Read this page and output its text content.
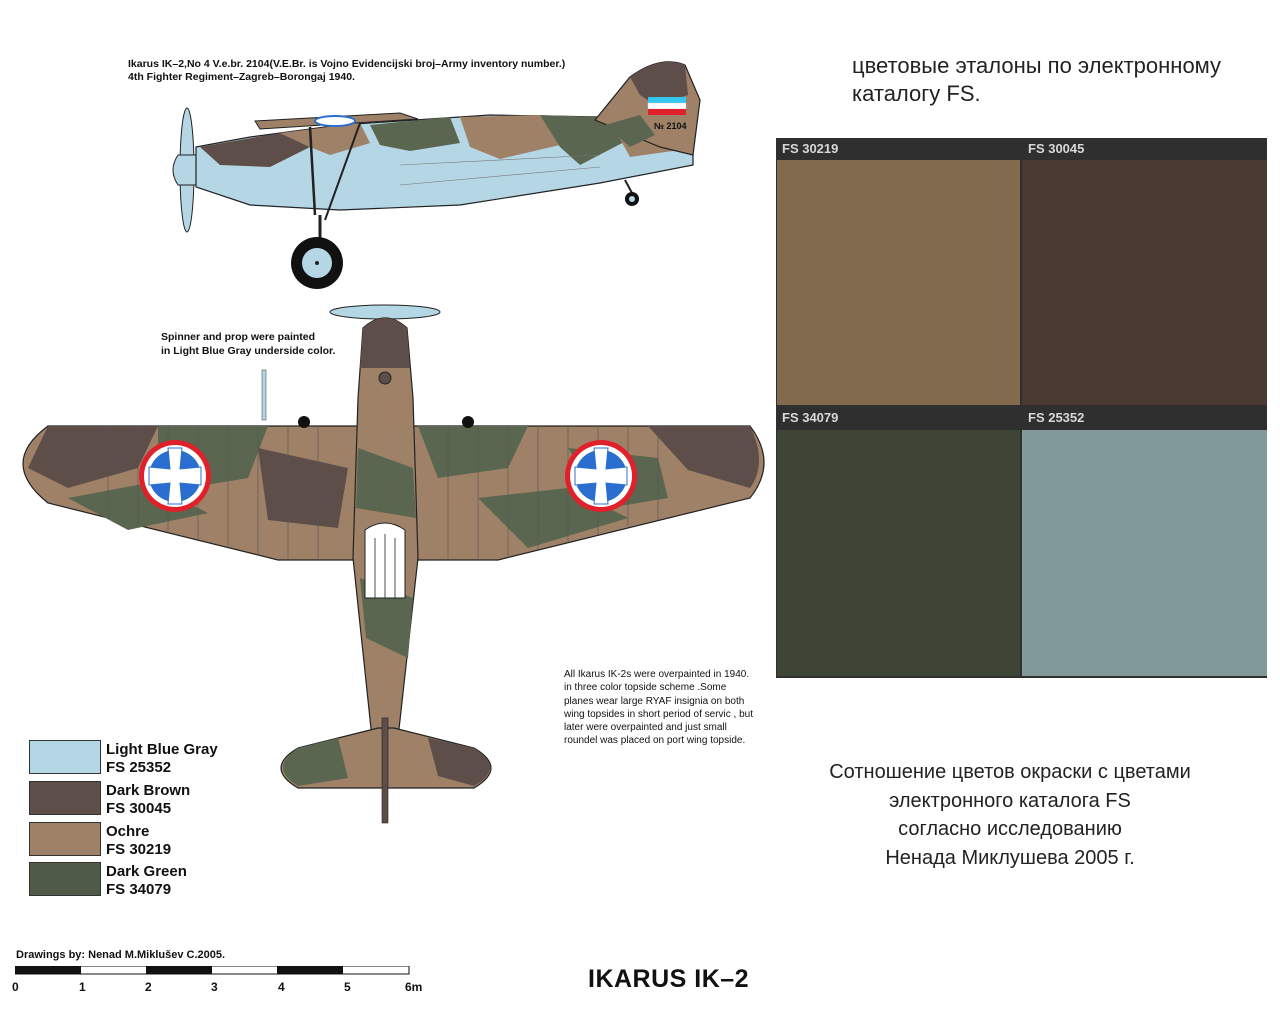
Ikarus IK–2,No 4 V.e.br. 2104(V.E.Br. is Vojno Evidencijski broj–Army inventory number.)
4th Fighter Regiment–Zagreb–Borongaj 1940.
№ 2104
Spinner and prop were painted
in Light Blue Gray underside color.
All Ikarus IK-2s were overpainted in 1940. in three color topside scheme .Some planes wear large RYAF insignia on both wing topsides in short period of servic , but later were overpainted and just small roundel was placed on port wing topside.
цветовые эталоны по электронному
каталогу FS.
FS 30219	FS 30045
FS 34079	FS 25352
Сотношение цветов окраски с цветами
электронного каталога FS
согласно исследованию
Ненада Миклушева 2005 г.
Light Blue Gray
FS 25352
Dark Brown
FS 30045
Ochre
FS 30219
Dark Green
FS 34079
Drawings by: Nenad M.Miklušev C.2005.
0	1	2	3	4	5	6m	IKARUS IK–2
